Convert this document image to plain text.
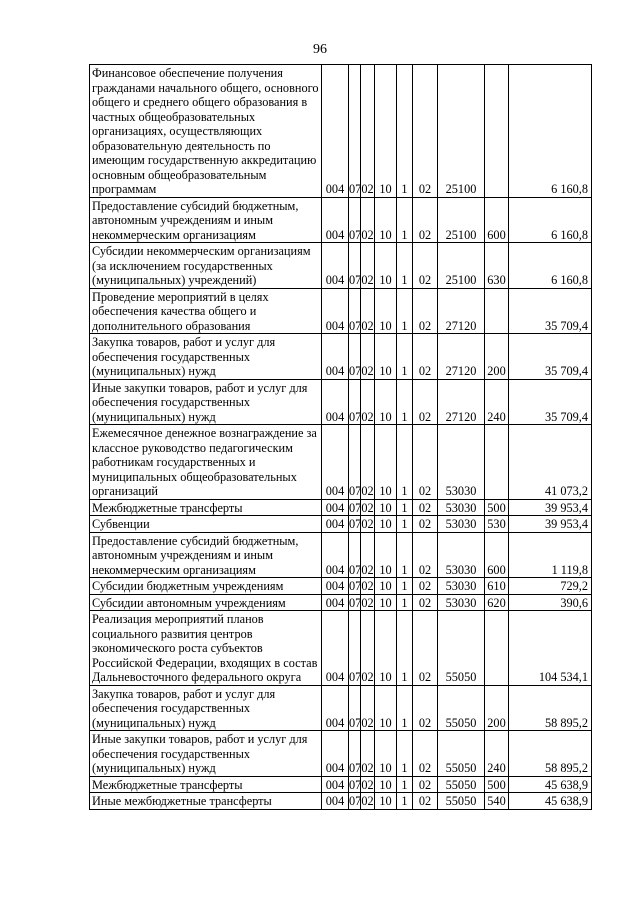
96
Финансовое обеспечение получения гражданами начального общего, основного общего и среднего общего образования в частных общеобразовательных организациях, осуществляющих образовательную деятельность по имеющим государственную аккредитацию основным общеобразовательным программам	004	07	02	10	1	02	25100		6 160,8
Предоставление субсидий бюджетным, автономным учреждениям и иным некоммерческим организациям	004	07	02	10	1	02	25100	600	6 160,8
Субсидии некоммерческим организациям (за исключением государственных (муниципальных) учреждений)	004	07	02	10	1	02	25100	630	6 160,8
Проведение мероприятий в целях обеспечения качества общего и дополнительного образования	004	07	02	10	1	02	27120		35 709,4
Закупка товаров, работ и услуг для обеспечения государственных (муниципальных) нужд	004	07	02	10	1	02	27120	200	35 709,4
Иные закупки товаров, работ и услуг для обеспечения государственных (муниципальных) нужд	004	07	02	10	1	02	27120	240	35 709,4
Ежемесячное денежное вознаграждение за классное руководство педагогическим работникам государственных и муниципальных общеобразовательных организаций	004	07	02	10	1	02	53030		41 073,2
Межбюджетные трансферты	004	07	02	10	1	02	53030	500	39 953,4
Субвенции	004	07	02	10	1	02	53030	530	39 953,4
Предоставление субсидий бюджетным, автономным учреждениям и иным некоммерческим организациям	004	07	02	10	1	02	53030	600	1 119,8
Субсидии бюджетным учреждениям	004	07	02	10	1	02	53030	610	729,2
Субсидии автономным учреждениям	004	07	02	10	1	02	53030	620	390,6
Реализация мероприятий планов социального развития центров экономического роста субъектов Российской Федерации, входящих в состав Дальневосточного федерального округа	004	07	02	10	1	02	55050		104 534,1
Закупка товаров, работ и услуг для обеспечения государственных (муниципальных) нужд	004	07	02	10	1	02	55050	200	58 895,2
Иные закупки товаров, работ и услуг для обеспечения государственных (муниципальных) нужд	004	07	02	10	1	02	55050	240	58 895,2
Межбюджетные трансферты	004	07	02	10	1	02	55050	500	45 638,9
Иные межбюджетные трансферты	004	07	02	10	1	02	55050	540	45 638,9
